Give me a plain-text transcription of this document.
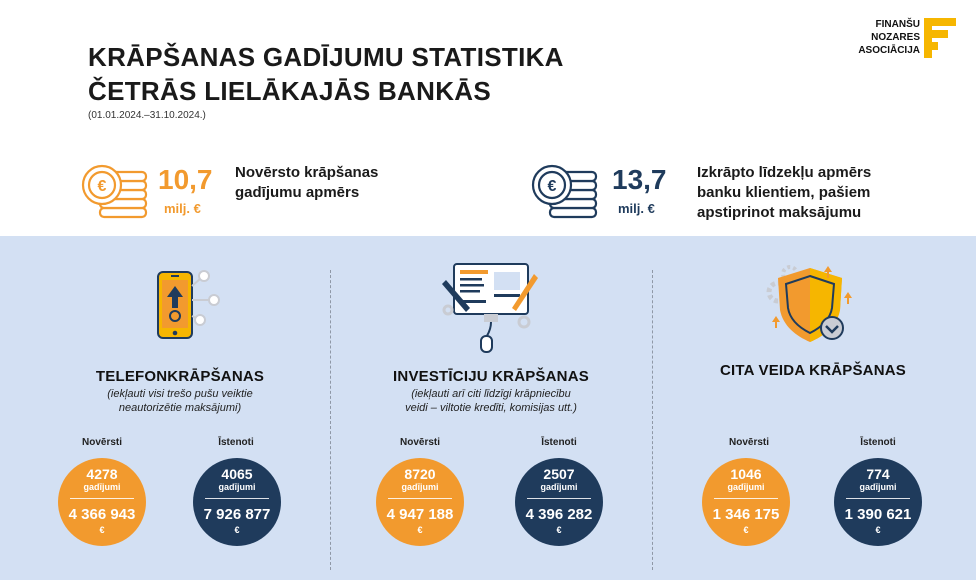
KRĀPŠANAS GADĪJUMU STATISTIKA
ČETRĀS LIELĀKAJĀS BANKĀS
(01.01.2024.–31.10.2024.)
FINANŠU
NOZARES
ASOCIĀCIJA
€ 10,7
milj. €
Novērsto krāpšanas
gadījumu apmērs	€ 13,7
milj. €
Izkrāpto līdzekļu apmērs
banku klientiem, pašiem
apstiprinot maksājumu
TELEFONKRĀPŠANAS
(iekļauti visi trešo pušu veiktie
neautorizētie maksājumi)
Novērsti	Īstenoti
4278
gadījumi
4 366 943
€
4065
gadījumi
7 926 877
€
INVESTĪCIJU KRĀPŠANAS
(iekļauti arī citi līdzīgi krāpniecību
veidi – viltotie kredīti, komisijas utt.)
Novērsti	Īstenoti
8720
gadījumi
4 947 188
€
2507
gadījumi
4 396 282
€
CITA VEIDA KRĀPŠANAS
Novērsti	Īstenoti
1046
gadījumi
1 346 175
€
774
gadījumi
1 390 621
€
